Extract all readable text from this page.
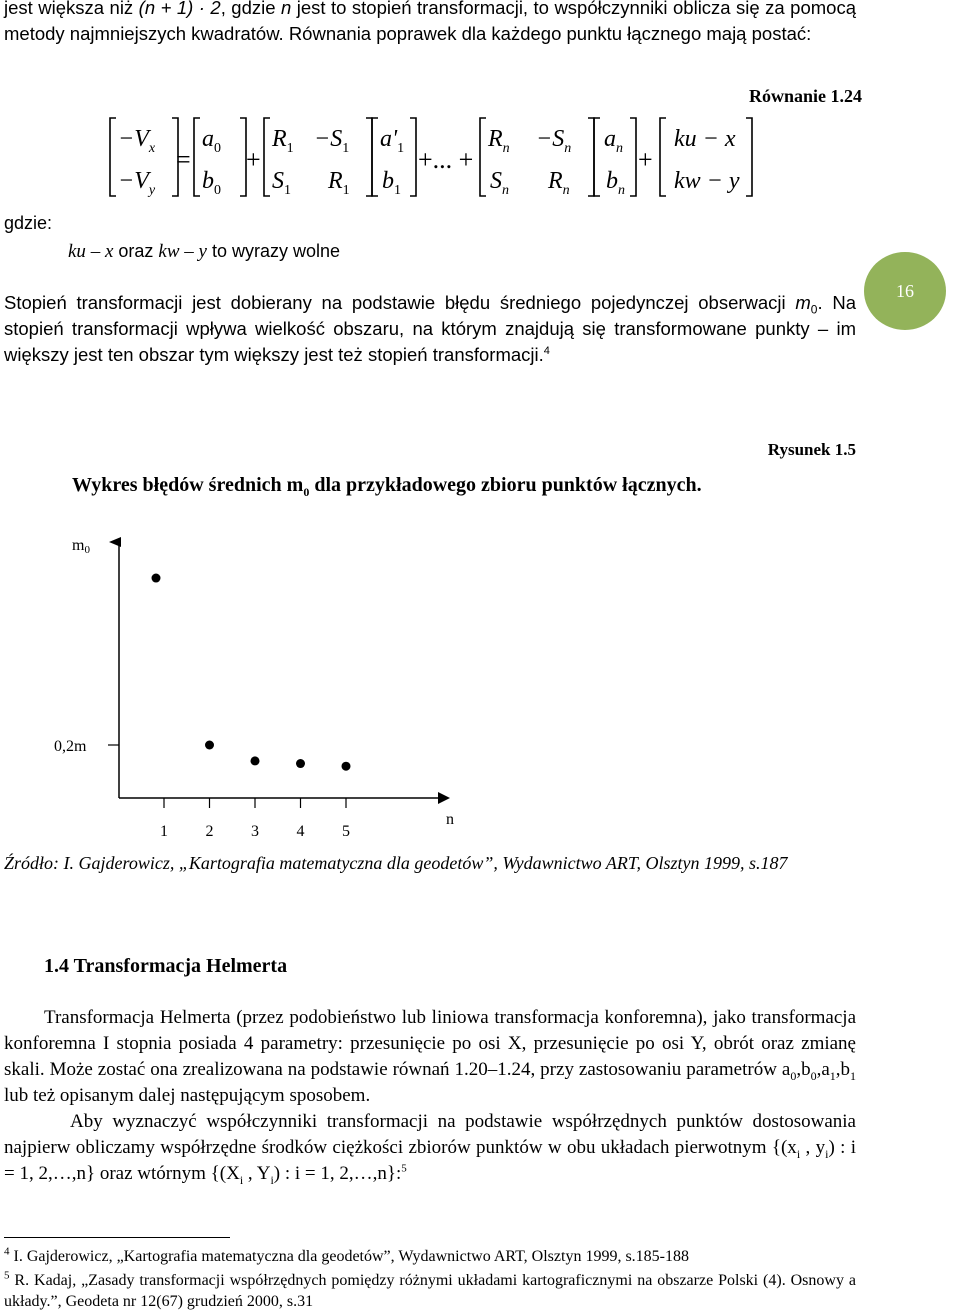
jest większa niż (n + 1) · 2, gdzie n jest to stopień transformacji, to współczynniki oblicza się za pomocą metody najmniejszych kwadratów. Równania poprawek dla każdego punktu łącznego mają postać:

Równanie 1.24
$-V_x$
$-V_y$
$a_0$
$b_0$
$R_1 -S_1$
$S_1$ $R_1$
$a'_1$
$b_1$
$R_n -S_n$
$S_n$ $R_n$
$a_n$
$b_n$
ku − x
kw − y
= +	+... +	+
gdzie:
ku – x oraz kw – y to wyrazy wolne
16

Stopień transformacji jest dobierany na podstawie błędu średniego pojedynczej obserwacji $m_0$. Na stopień transformacji wpływa wielkość obszaru, na którym znajdują się transformowane punkty – im większy jest ten obszar tym większy jest też stopień transformacji.$^4$

Rysunek 1.5
Wykres błędów średnich $m_0$ dla przykładowego zbioru punktów łącznych.
m0
0,2m
n
1 2 3 4 5
Źródło: I. Gajderowicz, „Kartografia matematyczna dla geodetów”, Wydawnictwo ART, Olsztyn 1999, s.187
1.4 Transformacja Helmerta

Transformacja Helmerta (przez podobieństwo lub liniowa transformacja konforemna), jako transformacja konforemna I stopnia posiada 4 parametry: przesunięcie po osi X, przesunięcie po osi Y, obrót oraz zmianę skali. Może zostać ona zrealizowana na podstawie równań 1.20–1.24, przy zastosowaniu parametrów $a_0,b_0,a_1,b_1$ lub też opisanym dalej następującym sposobem.

Aby wyznaczyć współczynniki transformacji na podstawie współrzędnych punktów dostosowania najpierw obliczamy współrzędne środków ciężkości zbiorów punktów w obu układach pierwotnym {($x_i$ , $y_i$) : i = 1, 2,…,n} oraz wtórnym {($X_i$ , $Y_i$) : i = 1, 2,…,n}:$^5$

$^4$ I. Gajderowicz, „Kartografia matematyczna dla geodetów”, Wydawnictwo ART, Olsztyn 1999, s.185-188
$^5$ R. Kadaj, „Zasady transformacji współrzędnych pomiędzy różnymi układami kartograficznymi na obszarze Polski (4). Osnowy a układy.”, Geodeta nr 12(67) grudzień 2000, s.31
